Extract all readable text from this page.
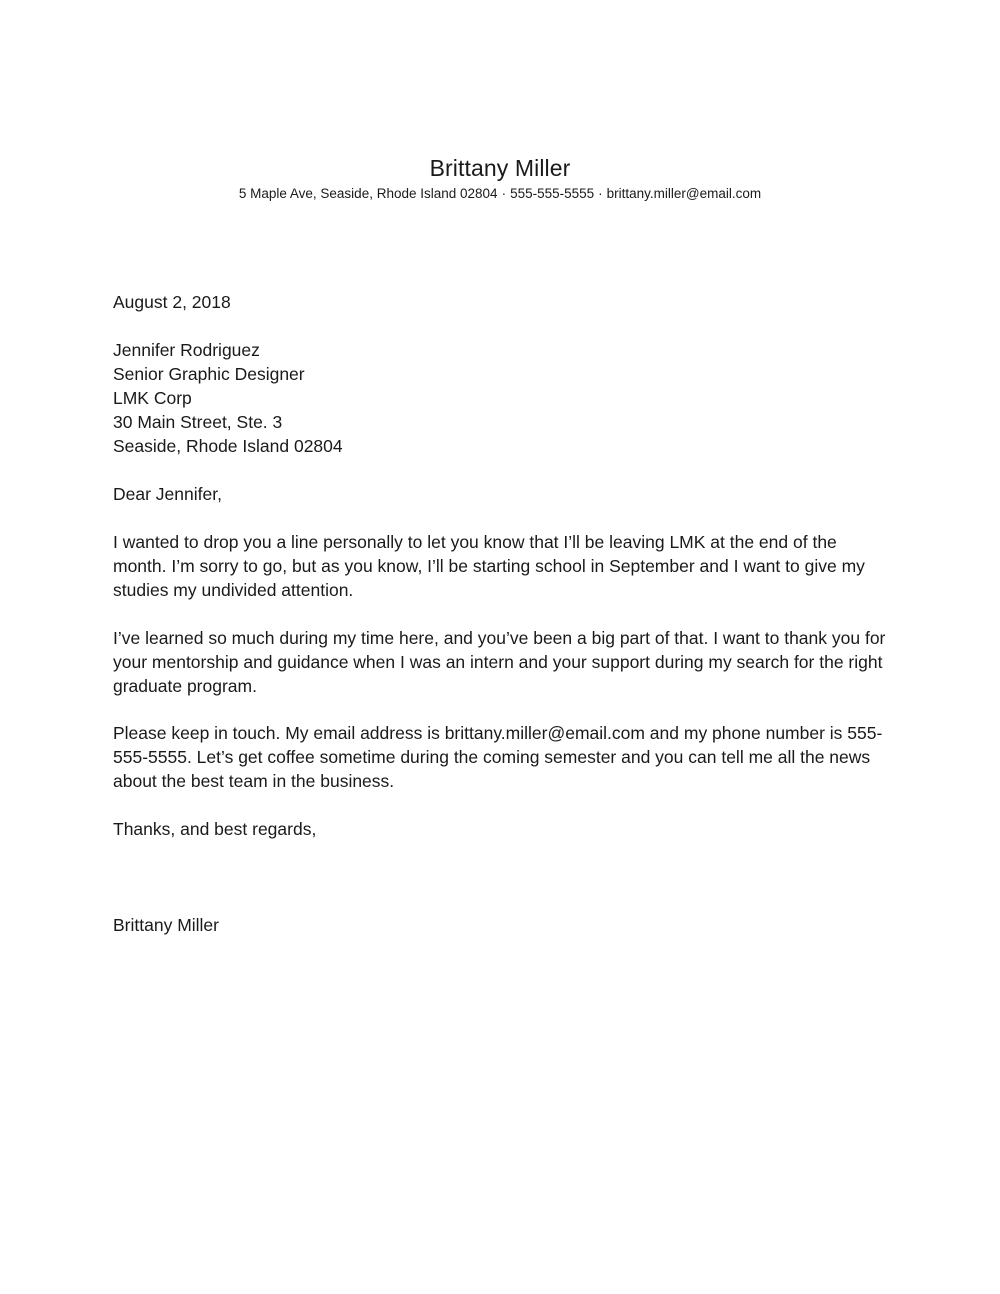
Brittany Miller
5 Maple Ave, Seaside, Rhode Island 02804 · 555-555-5555 · brittany.miller@email.com
August 2, 2018
Jennifer Rodriguez
Senior Graphic Designer
LMK Corp
30 Main Street, Ste. 3
Seaside, Rhode Island 02804
Dear Jennifer,

I wanted to drop you a line personally to let you know that I’ll be leaving LMK at the end of the month. I’m sorry to go, but as you know, I’ll be starting school in September and I want to give my studies my undivided attention.

I’ve learned so much during my time here, and you’ve been a big part of that. I want to thank you for your mentorship and guidance when I was an intern and your support during my search for the right graduate program.

Please keep in touch. My email address is brittany.miller@email.com and my phone number is 555-555-5555. Let’s get coffee sometime during the coming semester and you can tell me all the news about the best team in the business.

Thanks, and best regards,
Brittany Miller
